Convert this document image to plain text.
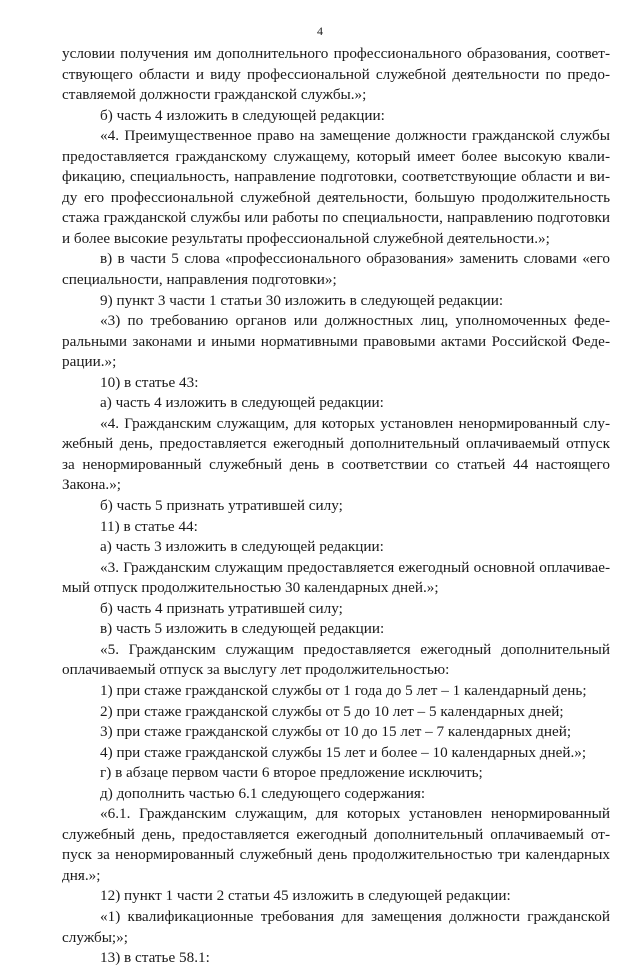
4

условии получения им дополнительного профессионального образования, соответствующего области и виду профессиональной служебной деятельности по предоставляемой должности гражданской службы.»;

б) часть 4 изложить в следующей редакции:

«4. Преимущественное право на замещение должности гражданской службы предоставляется гражданскому служащему, который имеет более высокую квалификацию, специальность, направление подготовки, соответствующие области и виду его профессиональной служебной деятельности, большую продолжительность стажа гражданской службы или работы по специальности, направлению подготовки и более высокие результаты профессиональной служебной деятельности.»;

в) в части 5 слова «профессионального образования» заменить словами «его специальности, направления подготовки»;

9) пункт 3 части 1 статьи 30 изложить в следующей редакции:

«3) по требованию органов или должностных лиц, уполномоченных федеральными законами и иными нормативными правовыми актами Российской Федерации.»;

10) в статье 43:

а) часть 4 изложить в следующей редакции:

«4. Гражданским служащим, для которых установлен ненормированный служебный день, предоставляется ежегодный дополнительный оплачиваемый отпуск за ненормированный служебный день в соответствии со статьей 44 настоящего Закона.»;

б) часть 5 признать утратившей силу;

11) в статье 44:

а) часть 3 изложить в следующей редакции:

«3. Гражданским служащим предоставляется ежегодный основной оплачиваемый отпуск продолжительностью 30 календарных дней.»;

б) часть 4 признать утратившей силу;

в) часть 5 изложить в следующей редакции:

«5. Гражданским служащим предоставляется ежегодный дополнительный оплачиваемый отпуск за выслугу лет продолжительностью:

1) при стаже гражданской службы от 1 года до 5 лет – 1 календарный день;

2) при стаже гражданской службы от 5 до 10 лет – 5 календарных дней;

3) при стаже гражданской службы от 10 до 15 лет – 7 календарных дней;

4) при стаже гражданской службы 15 лет и более – 10 календарных дней.»;

г) в абзаце первом части 6 второе предложение исключить;

д) дополнить частью 6.1 следующего содержания:

«6.1. Гражданским служащим, для которых установлен ненормированный служебный день, предоставляется ежегодный дополнительный оплачиваемый отпуск за ненормированный служебный день продолжительностью три календарных дня.»;

12) пункт 1 части 2 статьи 45 изложить в следующей редакции:

«1) квалификационные требования для замещения должности гражданской службы;»;

13) в статье 58.1:
